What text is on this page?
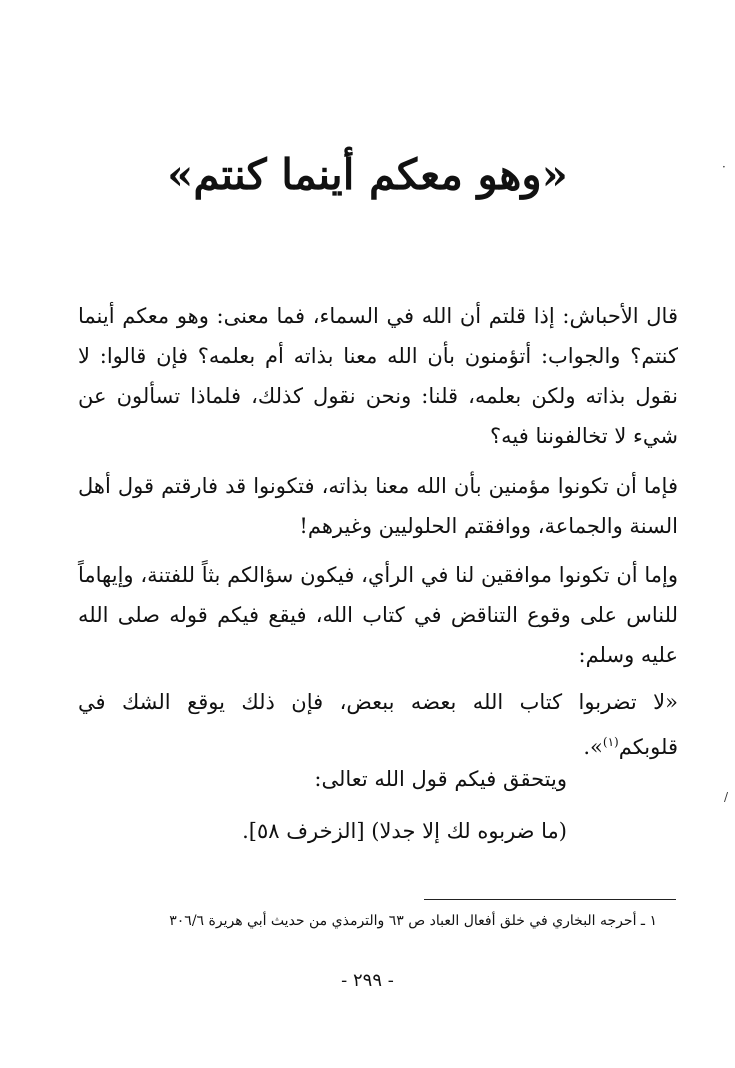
·
/
«وهو معكم أينما كنتم»
قال الأحباش: إذا قلتم أن الله في السماء، فما معنى: وهو معكم أينما كنتم؟ والجواب: أتؤمنون بأن الله معنا بذاته أم بعلمه؟ فإن قالوا: لا نقول بذاته ولكن بعلمه، قلنا: ونحن نقول كذلك، فلماذا تسألون عن شيء لا تخالفوننا فيه؟
فإما أن تكونوا مؤمنين بأن الله معنا بذاته، فتكونوا قد فارقتم قول أهل السنة والجماعة، ووافقتم الحلوليين وغيرهم!
وإما أن تكونوا موافقين لنا في الرأي، فيكون سؤالكم بثاً للفتنة، وإيهاماً للناس على وقوع التناقض في كتاب الله، فيقع فيكم قوله صلى الله عليه وسلم:
«لا تضربوا كتاب الله بعضه ببعض، فإن ذلك يوقع الشك في قلوبكم$^{(١)}$».
ويتحقق فيكم قول الله تعالى:
(ما ضربوه لك إلا جدلا) [الزخرف ٥٨].
١ ـ أحرجه البخاري في خلق أفعال العباد ص ٦٣ والترمذي من حديث أبي هريرة ٣٠٦/٦
- ٢٩٩ -
